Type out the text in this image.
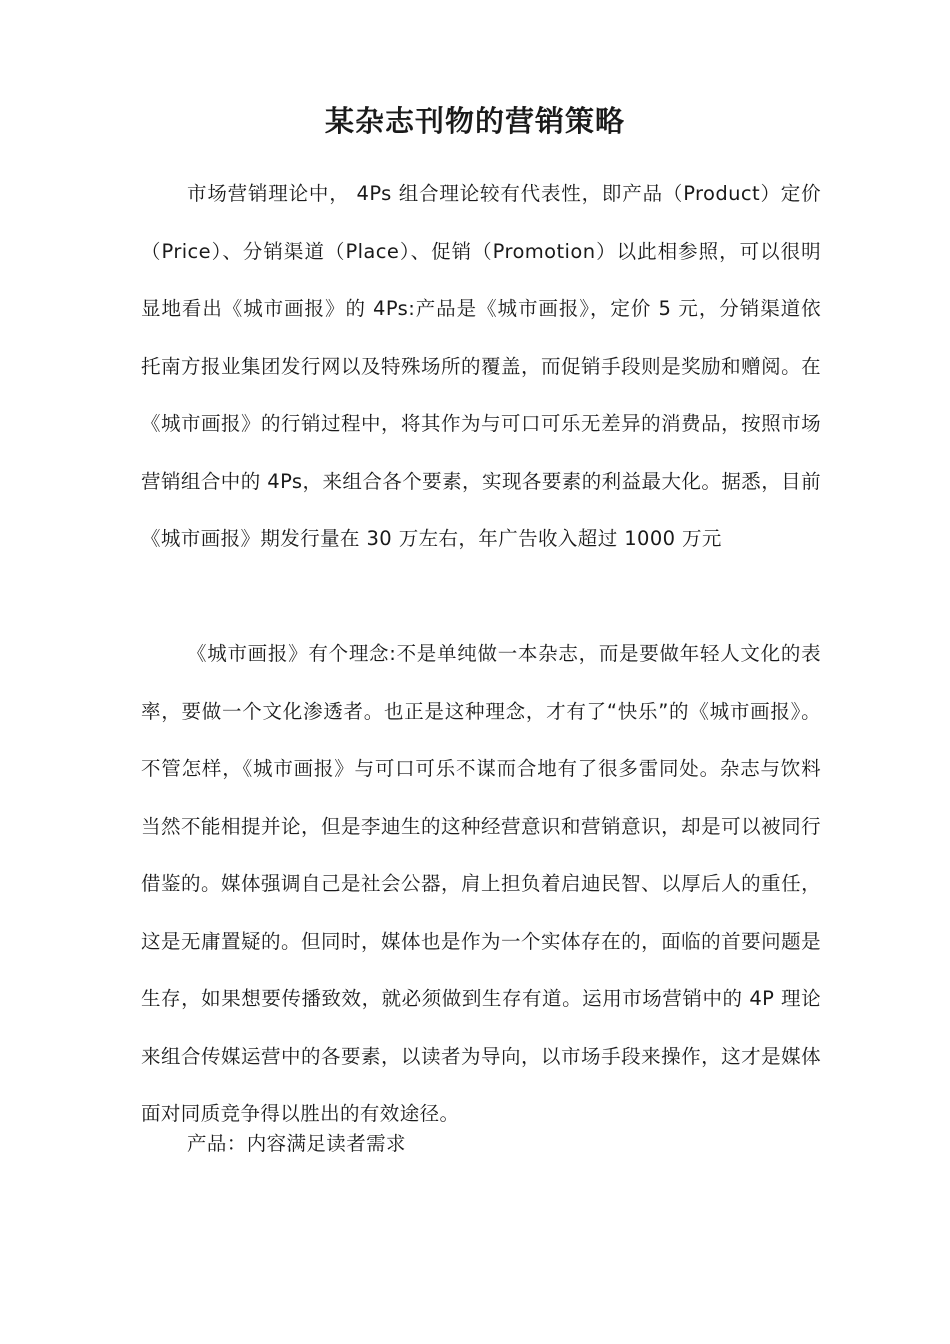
某杂志刊物的营销策略

市场营销理论中， 4Ps 组合理论较有代表性，即产品（Product）定价（Price）、分销渠道（Place）、促销（Promotion）以此相参照，可以很明显地看出《城市画报》的 4Ps:产品是《城市画报》，定价 5 元，分销渠道依托南方报业集团发行网以及特殊场所的覆盖，而促销手段则是奖励和赠阅。在《城市画报》的行销过程中，将其作为与可口可乐无差异的消费品，按照市场营销组合中的 4Ps，来组合各个要素，实现各要素的利益最大化。据悉，目前《城市画报》期发行量在 30 万左右，年广告收入超过 1000 万元

《城市画报》有个理念:不是单纯做一本杂志，而是要做年轻人文化的表率，要做一个文化渗透者。也正是这种理念，才有了“快乐”的《城市画报》。不管怎样，《城市画报》与可口可乐不谋而合地有了很多雷同处。杂志与饮料当然不能相提并论，但是李迪生的这种经营意识和营销意识，却是可以被同行借鉴的。媒体强调自己是社会公器，肩上担负着启迪民智、以厚后人的重任，这是无庸置疑的。但同时，媒体也是作为一个实体存在的，面临的首要问题是生存，如果想要传播致效，就必须做到生存有道。运用市场营销中的 4P 理论来组合传媒运营中的各要素，以读者为导向，以市场手段来操作，这才是媒体面对同质竞争得以胜出的有效途径。

产品：内容满足读者需求
